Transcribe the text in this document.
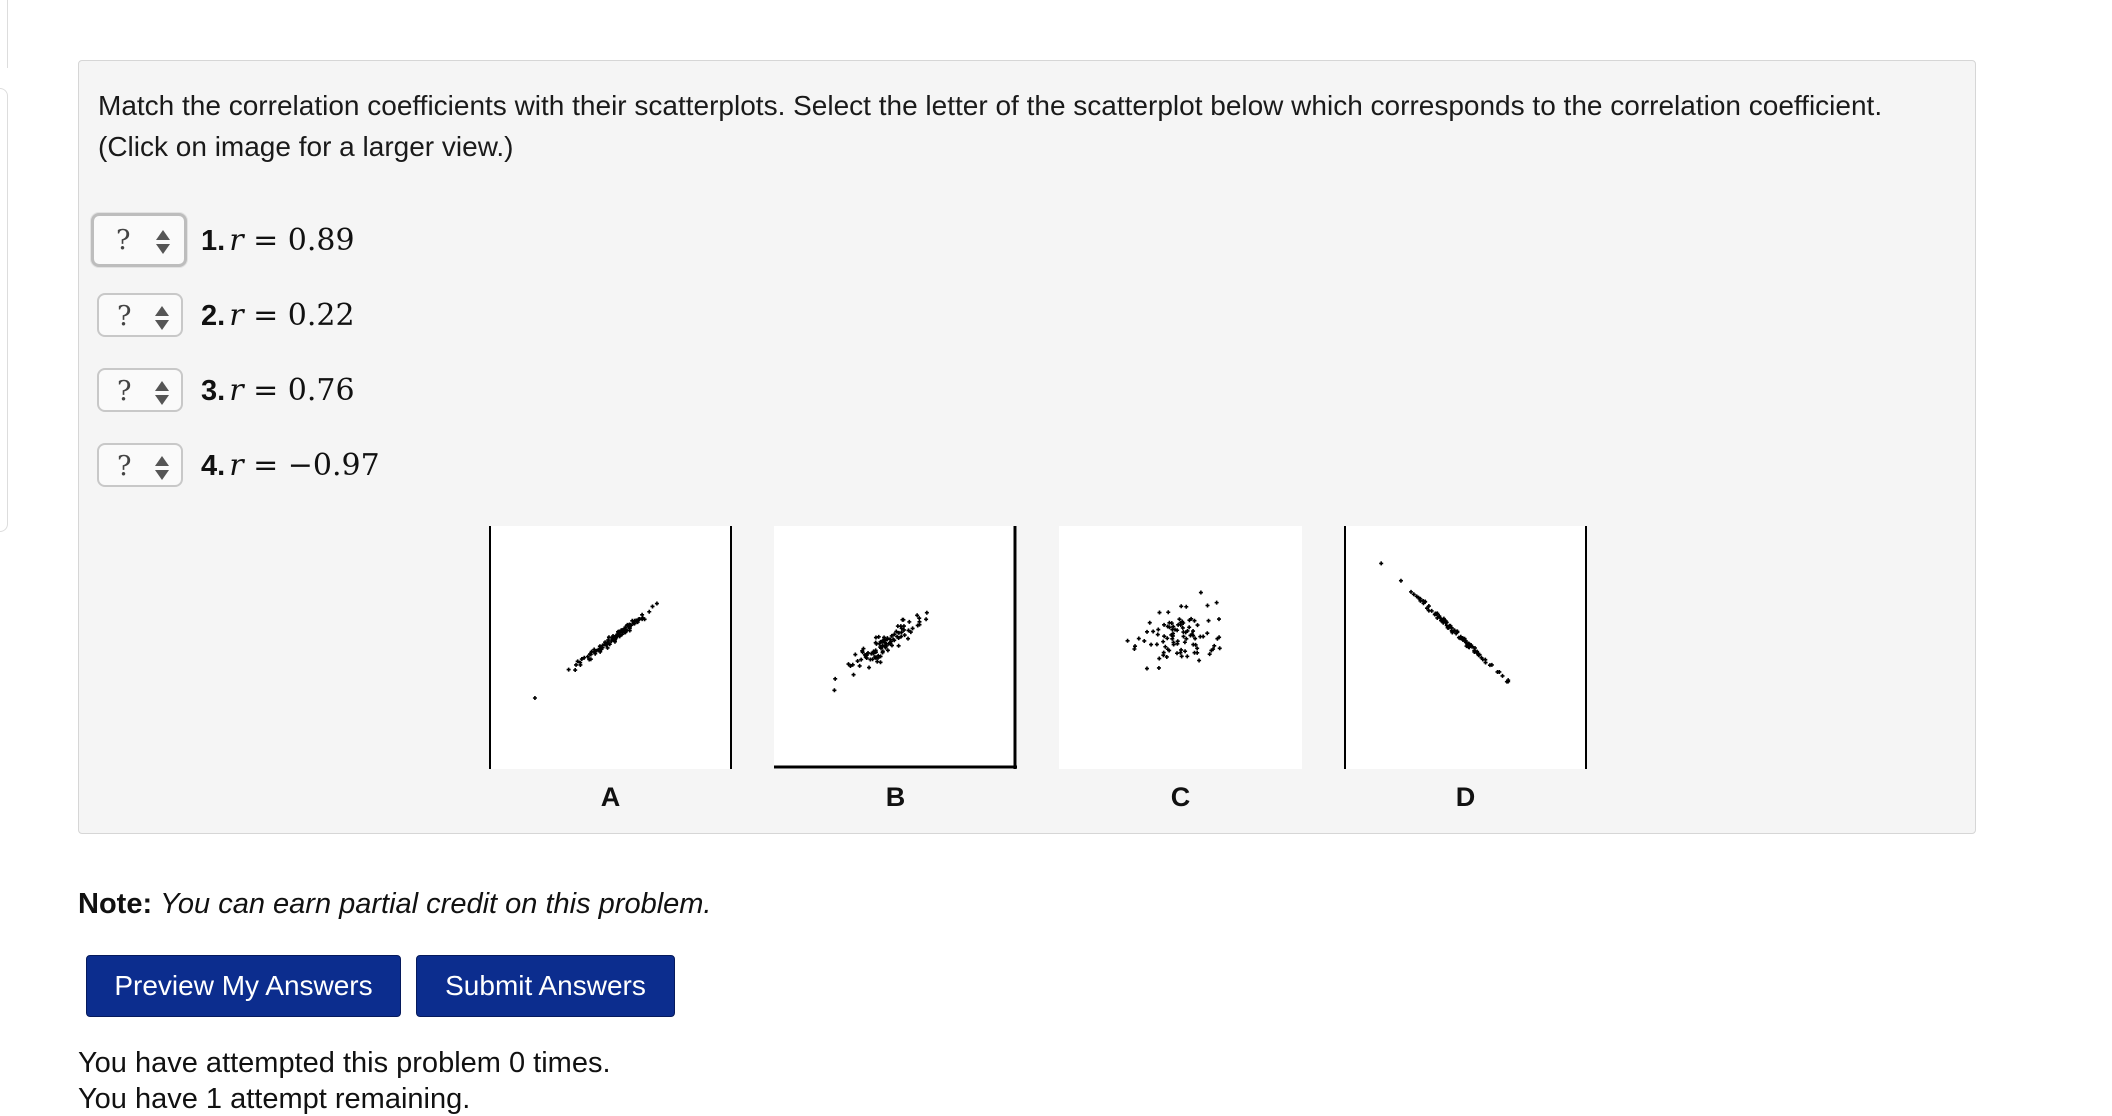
Match the correlation coefficients with their scatterplots. Select the letter of the scatterplot below which corresponds to the correlation coefficient.
(Click on image for a larger view.)
? 1. r = 0.89
? 2. r = 0.22
? 3. r = 0.76
? 4. r = −0.97
A	B	C	D
Note: You can earn partial credit on this problem.
Preview My Answers	Submit Answers
You have attempted this problem 0 times.
You have 1 attempt remaining.
